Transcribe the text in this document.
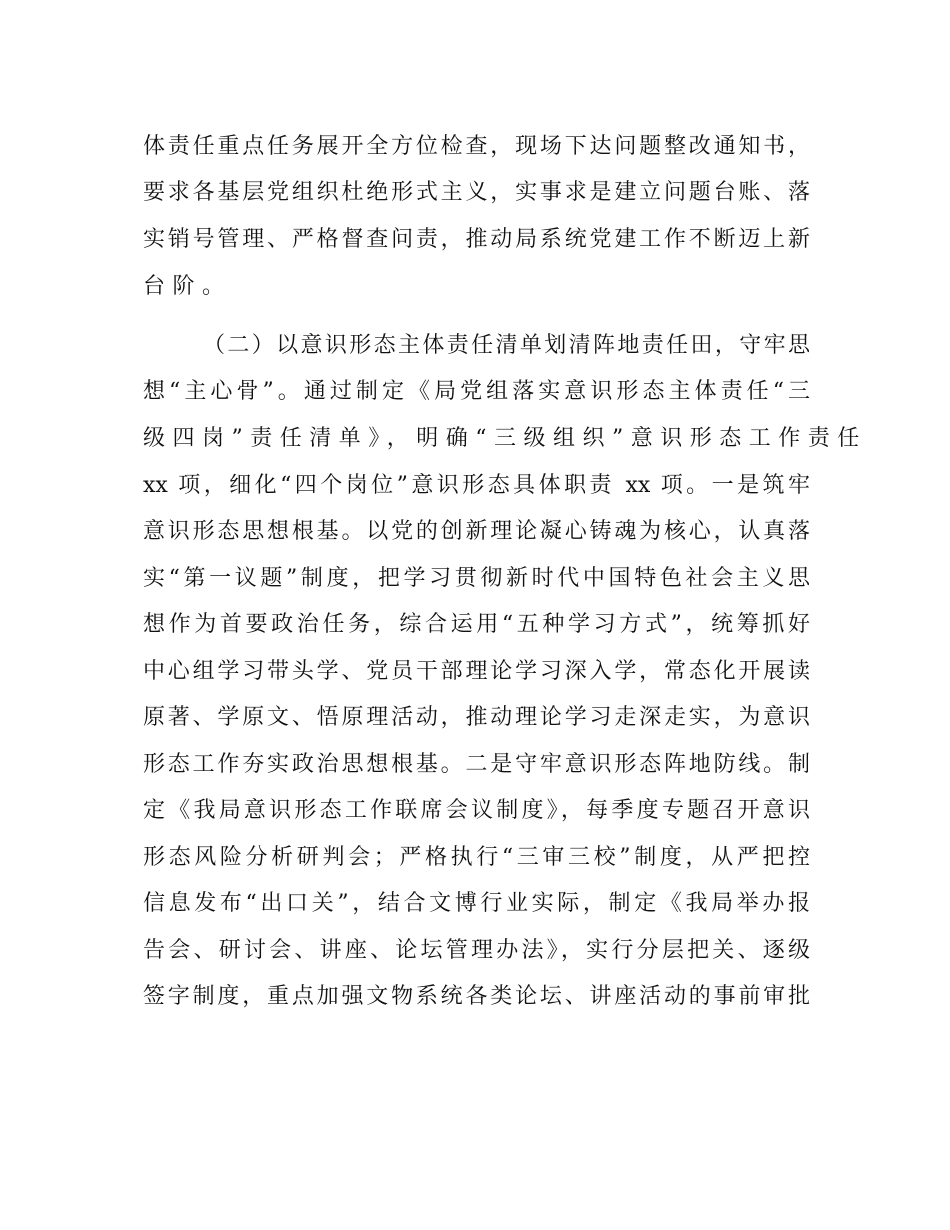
体责任重点任务展开全方位检查，现场下达问题整改通知书，
要求各基层党组织杜绝形式主义，实事求是建立问题台账、落
实销号管理、严格督查问责，推动局系统党建工作不断迈上新
台阶。
（二）以意识形态主体责任清单划清阵地责任田，守牢思
想“主心骨”。通过制定《局党组落实意识形态主体责任“三
级四岗”责任清单》，明确“三级组织”意识形态工作责任
xx 项，细化“四个岗位”意识形态具体职责 xx 项。一是筑牢
意识形态思想根基。以党的创新理论凝心铸魂为核心，认真落
实“第一议题”制度，把学习贯彻新时代中国特色社会主义思
想作为首要政治任务，综合运用“五种学习方式”，统筹抓好
中心组学习带头学、党员干部理论学习深入学，常态化开展读
原著、学原文、悟原理活动，推动理论学习走深走实，为意识
形态工作夯实政治思想根基。二是守牢意识形态阵地防线。制
定《我局意识形态工作联席会议制度》，每季度专题召开意识
形态风险分析研判会；严格执行“三审三校”制度，从严把控
信息发布“出口关”，结合文博行业实际，制定《我局举办报
告会、研讨会、讲座、论坛管理办法》，实行分层把关、逐级
签字制度，重点加强文物系统各类论坛、讲座活动的事前审批
